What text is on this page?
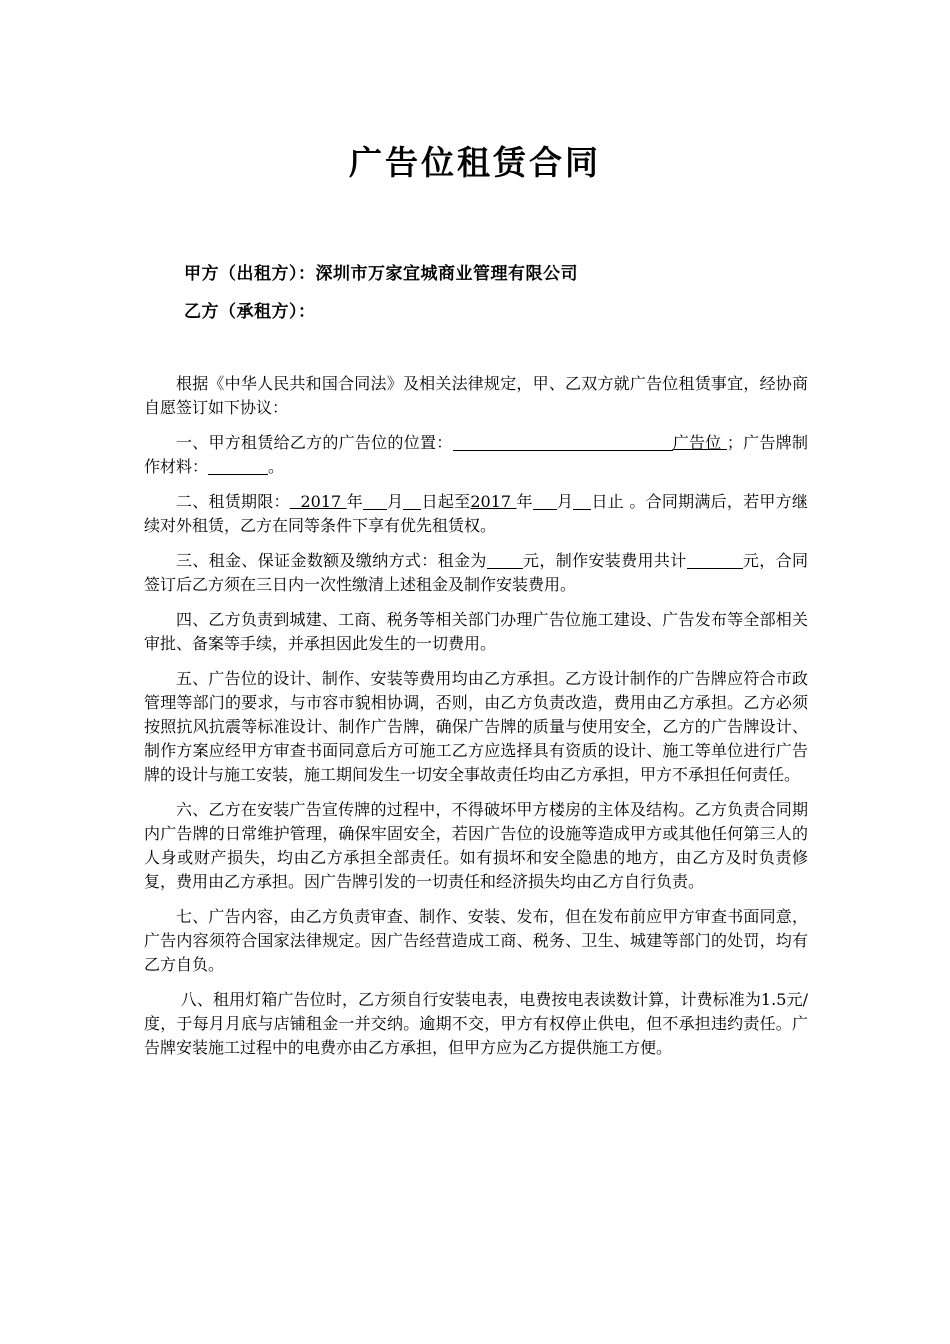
广告位租赁合同
甲方（出租方）：深圳市万家宜城商业管理有限公司
乙方（承租方）：

根据《中华人民共和国合同法》及相关法律规定，甲、乙双方就广告位租赁事宜，经协商自愿签订如下协议：

一、甲方租赁给乙方的广告位的位置：	广告位 ；广告牌制作材料：	。

二、租赁期限： 2017 年 月 日起至2017 年 月 日止 。合同期满后，若甲方继续对外租赁，乙方在同等条件下享有优先租赁权。

三、租金、保证金数额及缴纳方式：租金为 元，制作安装费用共计	元，合同签订后乙方须在三日内一次性缴清上述租金及制作安装费用。

四、乙方负责到城建、工商、税务等相关部门办理广告位施工建设、广告发布等全部相关审批、备案等手续，并承担因此发生的一切费用。

五、广告位的设计、制作、安装等费用均由乙方承担。乙方设计制作的广告牌应符合市政管理等部门的要求，与市容市貌相协调，否则，由乙方负责改造，费用由乙方承担。乙方必须按照抗风抗震等标准设计、制作广告牌，确保广告牌的质量与使用安全，乙方的广告牌设计、制作方案应经甲方审查书面同意后方可施工乙方应选择具有资质的设计、施工等单位进行广告牌的设计与施工安装，施工期间发生一切安全事故责任均由乙方承担，甲方不承担任何责任。

六、乙方在安装广告宣传牌的过程中，不得破坏甲方楼房的主体及结构。乙方负责合同期内广告牌的日常维护管理，确保牢固安全，若因广告位的设施等造成甲方或其他任何第三人的人身或财产损失，均由乙方承担全部责任。如有损坏和安全隐患的地方，由乙方及时负责修复，费用由乙方承担。因广告牌引发的一切责任和经济损失均由乙方自行负责。

七、广告内容，由乙方负责审查、制作、安装、发布，但在发布前应甲方审查书面同意，广告内容须符合国家法律规定。因广告经营造成工商、税务、卫生、城建等部门的处罚，均有乙方自负。

八、租用灯箱广告位时，乙方须自行安装电表，电费按电表读数计算，计费标准为1.5元/度，于每月月底与店铺租金一并交纳。逾期不交，甲方有权停止供电，但不承担违约责任。广告牌安装施工过程中的电费亦由乙方承担，但甲方应为乙方提供施工方便。
